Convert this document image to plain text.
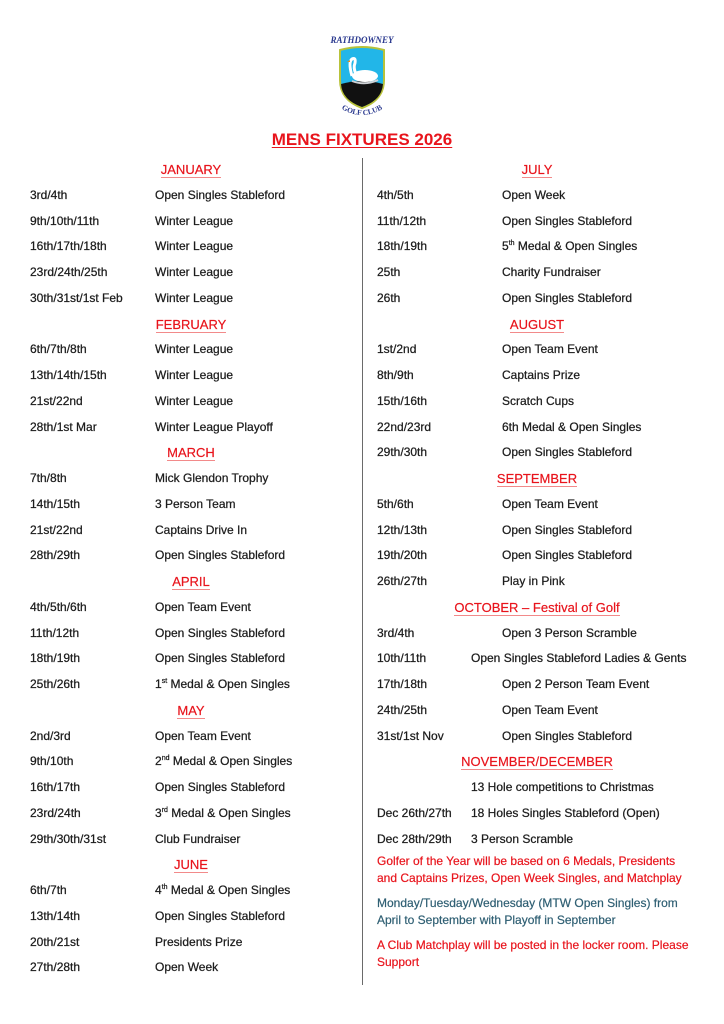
RATHDOWNEY
GOLF CLUB
MENS FIXTURES 2026
JANUARY
3rd/4th	Open Singles Stableford
9th/10th/11th	Winter League
16th/17th/18th	Winter League
23rd/24th/25th	Winter League
30th/31st/1st Feb	Winter League
FEBRUARY
6th/7th/8th	Winter League
13th/14th/15th	Winter League
21st/22nd	Winter League
28th/1st Mar	Winter League Playoff
MARCH
7th/8th	Mick Glendon Trophy
14th/15th	3 Person Team
21st/22nd	Captains Drive In
28th/29th	Open Singles Stableford
APRIL
4th/5th/6th	Open Team Event
11th/12th	Open Singles Stableford
18th/19th	Open Singles Stableford
25th/26th	1st Medal & Open Singles
MAY
2nd/3rd	Open Team Event
9th/10th	2nd Medal & Open Singles
16th/17th	Open Singles Stableford
23rd/24th	3rd Medal & Open Singles
29th/30th/31st	Club Fundraiser
JUNE
6th/7th	4th Medal & Open Singles
13th/14th	Open Singles Stableford
20th/21st	Presidents Prize
27th/28th	Open Week
JULY
4th/5th	Open Week
11th/12th	Open Singles Stableford
18th/19th	5th Medal & Open Singles
25th	Charity Fundraiser
26th	Open Singles Stableford
AUGUST
1st/2nd	Open Team Event
8th/9th	Captains Prize
15th/16th	Scratch Cups
22nd/23rd	6th Medal & Open Singles
29th/30th	Open Singles Stableford
SEPTEMBER
5th/6th	Open Team Event
12th/13th	Open Singles Stableford
19th/20th	Open Singles Stableford
26th/27th	Play in Pink
OCTOBER – Festival of Golf
3rd/4th	Open 3 Person Scramble
10th/11th	Open Singles Stableford Ladies & Gents
17th/18th	Open 2 Person Team Event
24th/25th	Open Team Event
31st/1st Nov	Open Singles Stableford
NOVEMBER/DECEMBER
13 Hole competitions to Christmas
Dec 26th/27th 18 Holes Singles Stableford (Open)
Dec 28th/29th 3 Person Scramble

Golfer of the Year will be based on 6 Medals, Presidents and Captains Prizes, Open Week Singles, and Matchplay

Monday/Tuesday/Wednesday (MTW Open Singles) from April to September with Playoff in September

A Club Matchplay will be posted in the locker room. Please Support
